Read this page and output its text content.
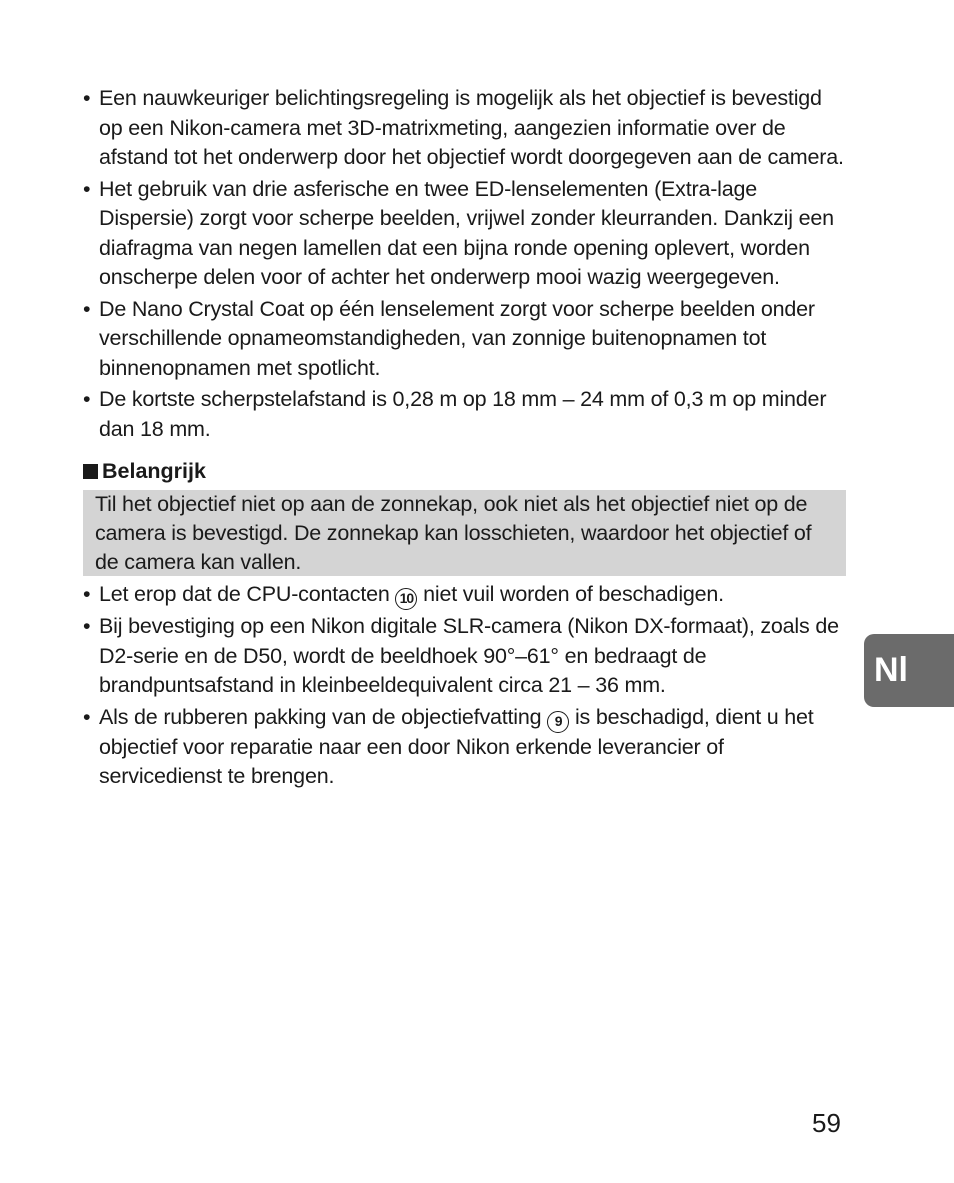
• Een nauwkeuriger belichtingsregeling is mogelijk als het objectief is bevestigd op een Nikon-camera met 3D-matrixmeting, aangezien informatie over de afstand tot het onderwerp door het objectief wordt doorgegeven aan de camera.
• Het gebruik van drie asferische en twee ED-lenselementen (Extra-lage Dispersie) zorgt voor scherpe beelden, vrijwel zonder kleurranden. Dankzij een diafragma van negen lamellen dat een bijna ronde opening oplevert, worden onscherpe delen voor of achter het onderwerp mooi wazig weergegeven.
• De Nano Crystal Coat op één lenselement zorgt voor scherpe beelden onder verschillende opnameomstandigheden, van zonnige buitenopnamen tot binnenopnamen met spotlicht.
• De kortste scherpstelafstand is 0,28 m op 18 mm – 24 mm of 0,3 m op minder dan 18 mm.
Belangrijk
Til het objectief niet op aan de zonnekap, ook niet als het objectief niet op de camera is bevestigd. De zonnekap kan losschieten, waardoor het objectief of de camera kan vallen.
• Let erop dat de CPU-contacten 10 niet vuil worden of beschadigen.
• Bij bevestiging op een Nikon digitale SLR-camera (Nikon DX-formaat), zoals de D2-serie en de D50, wordt de beeldhoek 90°–61° en bedraagt de brandpuntsafstand in kleinbeeldequivalent circa 21 – 36 mm.
• Als de rubberen pakking van de objectiefvatting 9 is beschadigd, dient u het objectief voor reparatie naar een door Nikon erkende leverancier of servicedienst te brengen.
Nl
59
